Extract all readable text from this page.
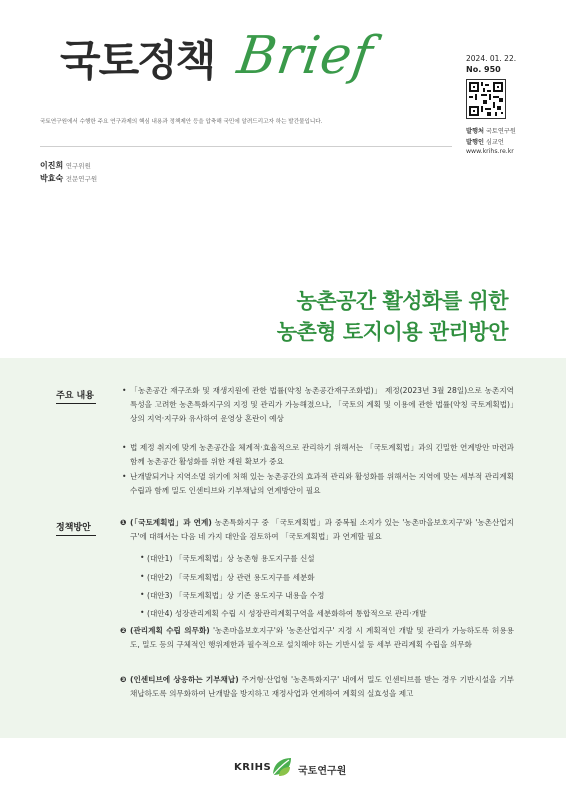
국토정책 Brief
국토연구원에서 수행한 주요 연구과제의 핵심 내용과 정책제안 등을 압축해 국민에 알려드리고자 하는 발간물입니다.
이진희 연구위원
박효숙 전문연구원
2024. 01. 22.
No. 950
발행처 국토연구원
발행인 심교언
www.krihs.re.kr
농촌공간 활성화를 위한
농촌형 토지이용 관리방안
주요 내용
• 「농촌공간 재구조화 및 재생지원에 관한 법률(약칭 농촌공간재구조화법)」 제정(2023년 3월 28일)으로 농촌지역 특성을 고려한 농촌특화지구의 지정 및 관리가 가능해졌으나, 「국토의 계획 및 이용에 관한 법률(약칭 국토계획법)」상의 지역·지구와 유사하여 운영상 혼란이 예상
• 법 제정 취지에 맞게 농촌공간을 체계적·효율적으로 관리하기 위해서는 「국토계획법」과의 긴밀한 연계방안 마련과 함께 농촌공간 활성화를 위한 재원 확보가 중요
• 난개발되거나 지역소멸 위기에 처해 있는 농촌공간의 효과적 관리와 활성화를 위해서는 지역에 맞는 세부적 관리계획 수립과 함께 밀도 인센티브와 기부채납의 연계방안이 필요
정책방안
❶ (「국토계획법」과 연계) 농촌특화지구 중 「국토계획법」과 중복될 소지가 있는 '농촌마을보호지구'와 '농촌산업지구'에 대해서는 다음 네 가지 대안을 검토하여 「국토계획법」과 연계할 필요
• (대안1) 「국토계획법」상 농촌형 용도지구를 신설
• (대안2) 「국토계획법」상 관련 용도지구를 세분화
• (대안3) 「국토계획법」상 기존 용도지구 내용을 수정
• (대안4) 성장관리계획 수립 시 성장관리계획구역을 세분화하여 통합적으로 관리·개발
❷ (관리계획 수립 의무화) '농촌마을보호지구'와 '농촌산업지구' 지정 시 계획적인 개발 및 관리가 가능하도록 허용용도, 밀도 등의 구체적인 행위제한과 필수적으로 설치해야 하는 기반시설 등 세부 관리계획 수립을 의무화
❸ (인센티브에 상응하는 기부채납) 주거형·산업형 '농촌특화지구' 내에서 밀도 인센티브를 받는 경우 기반시설을 기부채납하도록 의무화하여 난개발을 방지하고 재정사업과 연계하여 계획의 실효성을 제고
KRIHS	국토연구원
